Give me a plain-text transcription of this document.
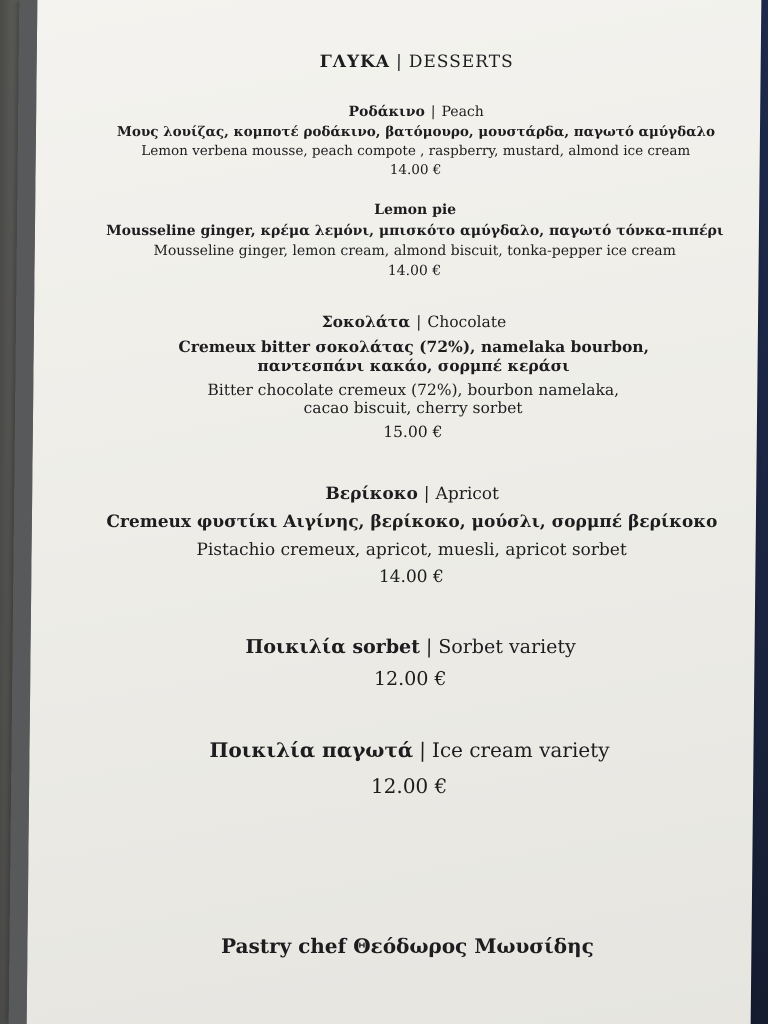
ΓΛΥΚΑ | DESSERTS
Ροδάκινο | Peach
Μους λουίζας, κομποτέ ροδάκινο, βατόμουρο, μουστάρδα, παγωτό αμύγδαλο
Lemon verbena mousse, peach compote , raspberry, mustard, almond ice cream
14.00 €
Lemon pie
Mousseline ginger, κρέμα λεμόνι, μπισκότο αμύγδαλο, παγωτό τόνκα-πιπέρι
Mousseline ginger, lemon cream, almond biscuit, tonka-pepper ice cream
14.00 €
Σοκολάτα | Chocolate
Cremeux bitter σοκολάτας (72%), namelaka bourbon,
παντεσπάνι κακάο, σορμπέ κεράσι
Bitter chocolate cremeux (72%), bourbon namelaka,
cacao biscuit, cherry sorbet
15.00 €
Βερίκοκο | Apricot
Cremeux φυστίκι Αιγίνης, βερίκοκο, μούσλι, σορμπέ βερίκοκο
Pistachio cremeux, apricot, muesli, apricot sorbet
14.00 €
Ποικιλία sorbet | Sorbet variety
12.00 €
Ποικιλία παγωτά | Ice cream variety
12.00 €
Pastry chef Θεόδωρος Μωυσίδης
